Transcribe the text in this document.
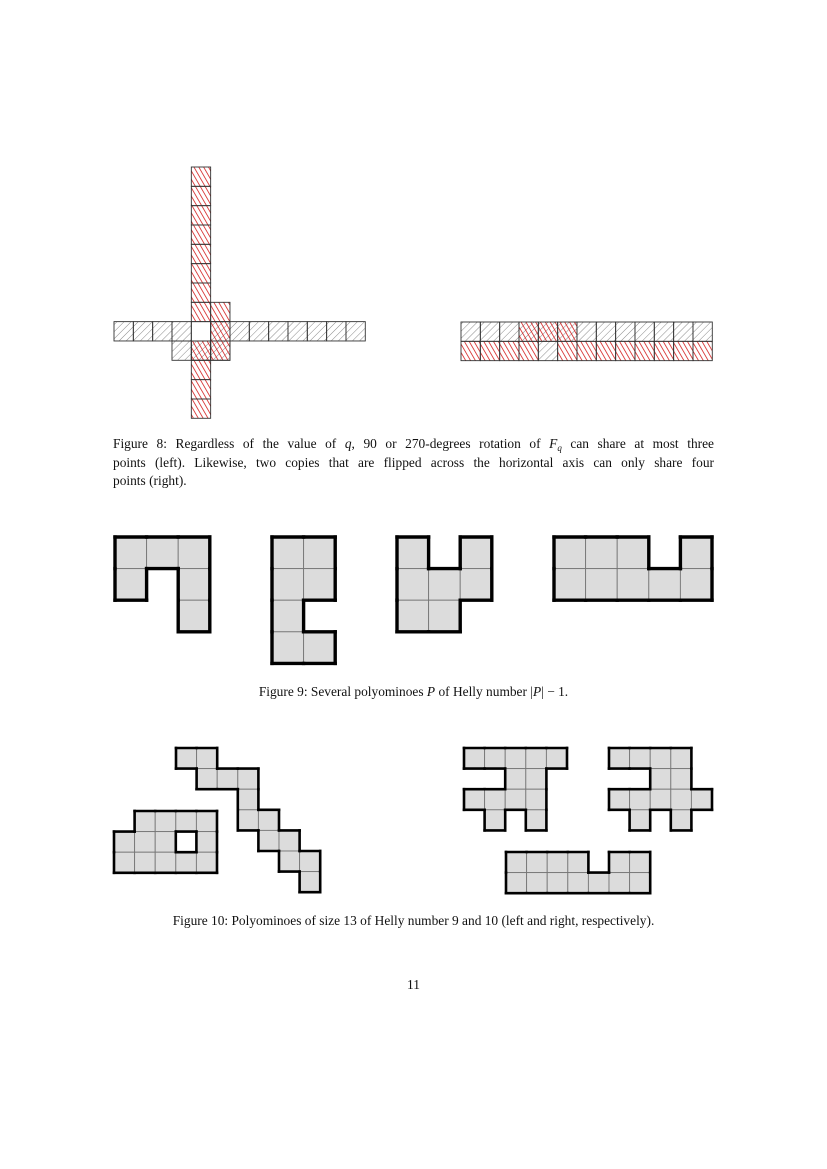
Figure 8: Regardless of the value of q, 90 or 270-degrees rotation of $F_q$ can share at most three
points (left). Likewise, two copies that are flipped across the horizontal axis can only share four
points (right).
Figure 9: Several polyominoes P of Helly number |P| − 1.
Figure 10: Polyominoes of size 13 of Helly number 9 and 10 (left and right, respectively).
11
